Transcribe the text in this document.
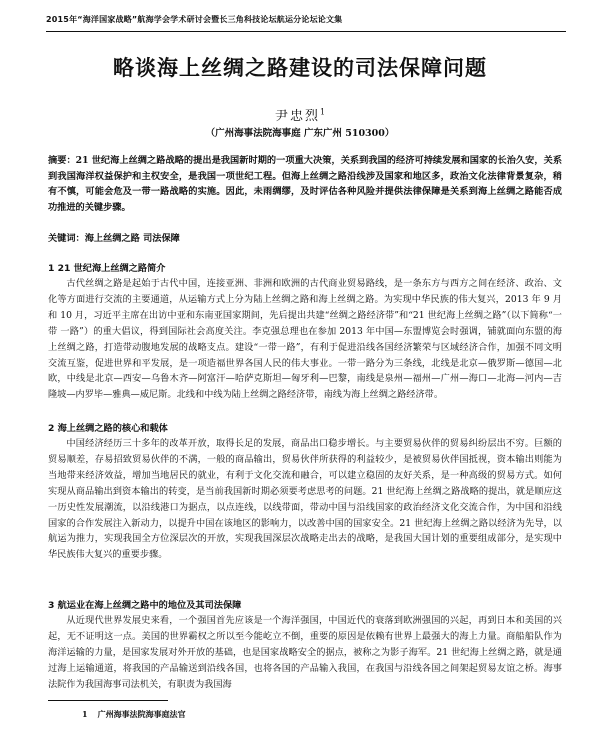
2015年“海洋国家战略”航海学会学术研讨会暨长三角科技论坛航运分论坛论文集
略谈海上丝绸之路建设的司法保障问题
尹忠烈$^1$
（广州海事法院海事庭 广东广州 510300）
摘要：21 世纪海上丝绸之路战略的提出是我国新时期的一项重大决策，关系到我国的经济可持续发展和国家的长治久安，关系到我国海洋权益保护和主权安全，是我国一项世纪工程。但海上丝绸之路沿线涉及国家和地区多，政治文化法律背景复杂，稍有不慎，可能会危及一带一路战略的实施。因此，未雨绸缪，及时评估各种风险并提供法律保障是关系到海上丝绸之路能否成功推进的关键步骤。
关键词：海上丝绸之路 司法保障
1 21 世纪海上丝绸之路简介

古代丝绸之路是起始于古代中国，连接亚洲、非洲和欧洲的古代商业贸易路线，是一条东方与西方之间在经济、政治、文化等方面进行交流的主要通道，从运输方式上分为陆上丝绸之路和海上丝绸之路。为实现中华民族的伟大复兴，2013 年 9 月和 10 月，习近平主席在出访中亚和东南亚国家期间，先后提出共建“丝绸之路经济带”和“21 世纪海上丝绸之路”（以下简称“一带 一路”）的重大倡议，得到国际社会高度关注。李克强总理也在参加 2013 年中国—东盟博览会时强调，铺就面向东盟的海上丝绸之路，打造带动腹地发展的战略支点。建设“一带一路”，有利于促进沿线各国经济繁荣与区域经济合作，加强不同文明交流互鉴，促进世界和平发展，是一项造福世界各国人民的伟大事业。一带一路分为三条线，北线是北京—俄罗斯—德国—北欧，中线是北京—西安—乌鲁木齐—阿富汗—哈萨克斯坦—匈牙利—巴黎，南线是泉州—福州—广州—海口—北海—河内—吉隆坡—内罗毕—雅典—威尼斯。北线和中线为陆上丝绸之路经济带，南线为海上丝绸之路经济带。

2 海上丝绸之路的核心和载体

中国经济经历三十多年的改革开放，取得长足的发展，商品出口稳步增长。与主要贸易伙伴的贸易纠纷层出不穷。巨额的贸易顺差，存易招致贸易伙伴的不满，一般的商品输出，贸易伙伴所获得的利益较少，是被贸易伙伴国抵视，资本输出则能为当地带来经济效益，增加当地居民的就业，有利于文化交流和融合，可以建立稳固的友好关系，是一种高级的贸易方式。如何实现从商品输出到资本输出的转变，是当前我国新时期必须要考虑思考的问题。21 世纪海上丝绸之路战略的提出，就是顺应这一历史性发展潮流，以沿线港口为据点，以点连线，以线带面，带动中国与沿线国家的政治经济文化交流合作，为中国和沿线国家的合作发展注入新动力，以提升中国在该地区的影响力，以改善中国的国家安全。21 世纪海上丝绸之路以经济为先导，以航运为推力，实现我国全方位深层次的开放，实现我国深层次战略走出去的战略，是我国大国计划的重要组成部分，是实现中华民族伟大复兴的重要步骤。

3 航运业在海上丝绸之路中的地位及其司法保障

从近现代世界发展史来看，一个强国首先应该是一个海洋强国，中国近代的衰落到欧洲强国的兴起，再到日本和美国的兴起，无不证明这一点。美国的世界霸权之所以至今能屹立不倒，重要的原因是依赖有世界上最强大的海上力量。商船船队作为海洋运输的力量，是国家发展对外开放的基础，也是国家战略安全的据点，被称之为影子海军。21 世纪海上丝绸之路，就是通过海上运输通道，将我国的产品输送到沿线各国，也将各国的产品输入我国，在我国与沿线各国之间架起贸易友谊之桥。海事法院作为我国海事司法机关，有职责为我国海

1 广州海事法院海事庭法官
